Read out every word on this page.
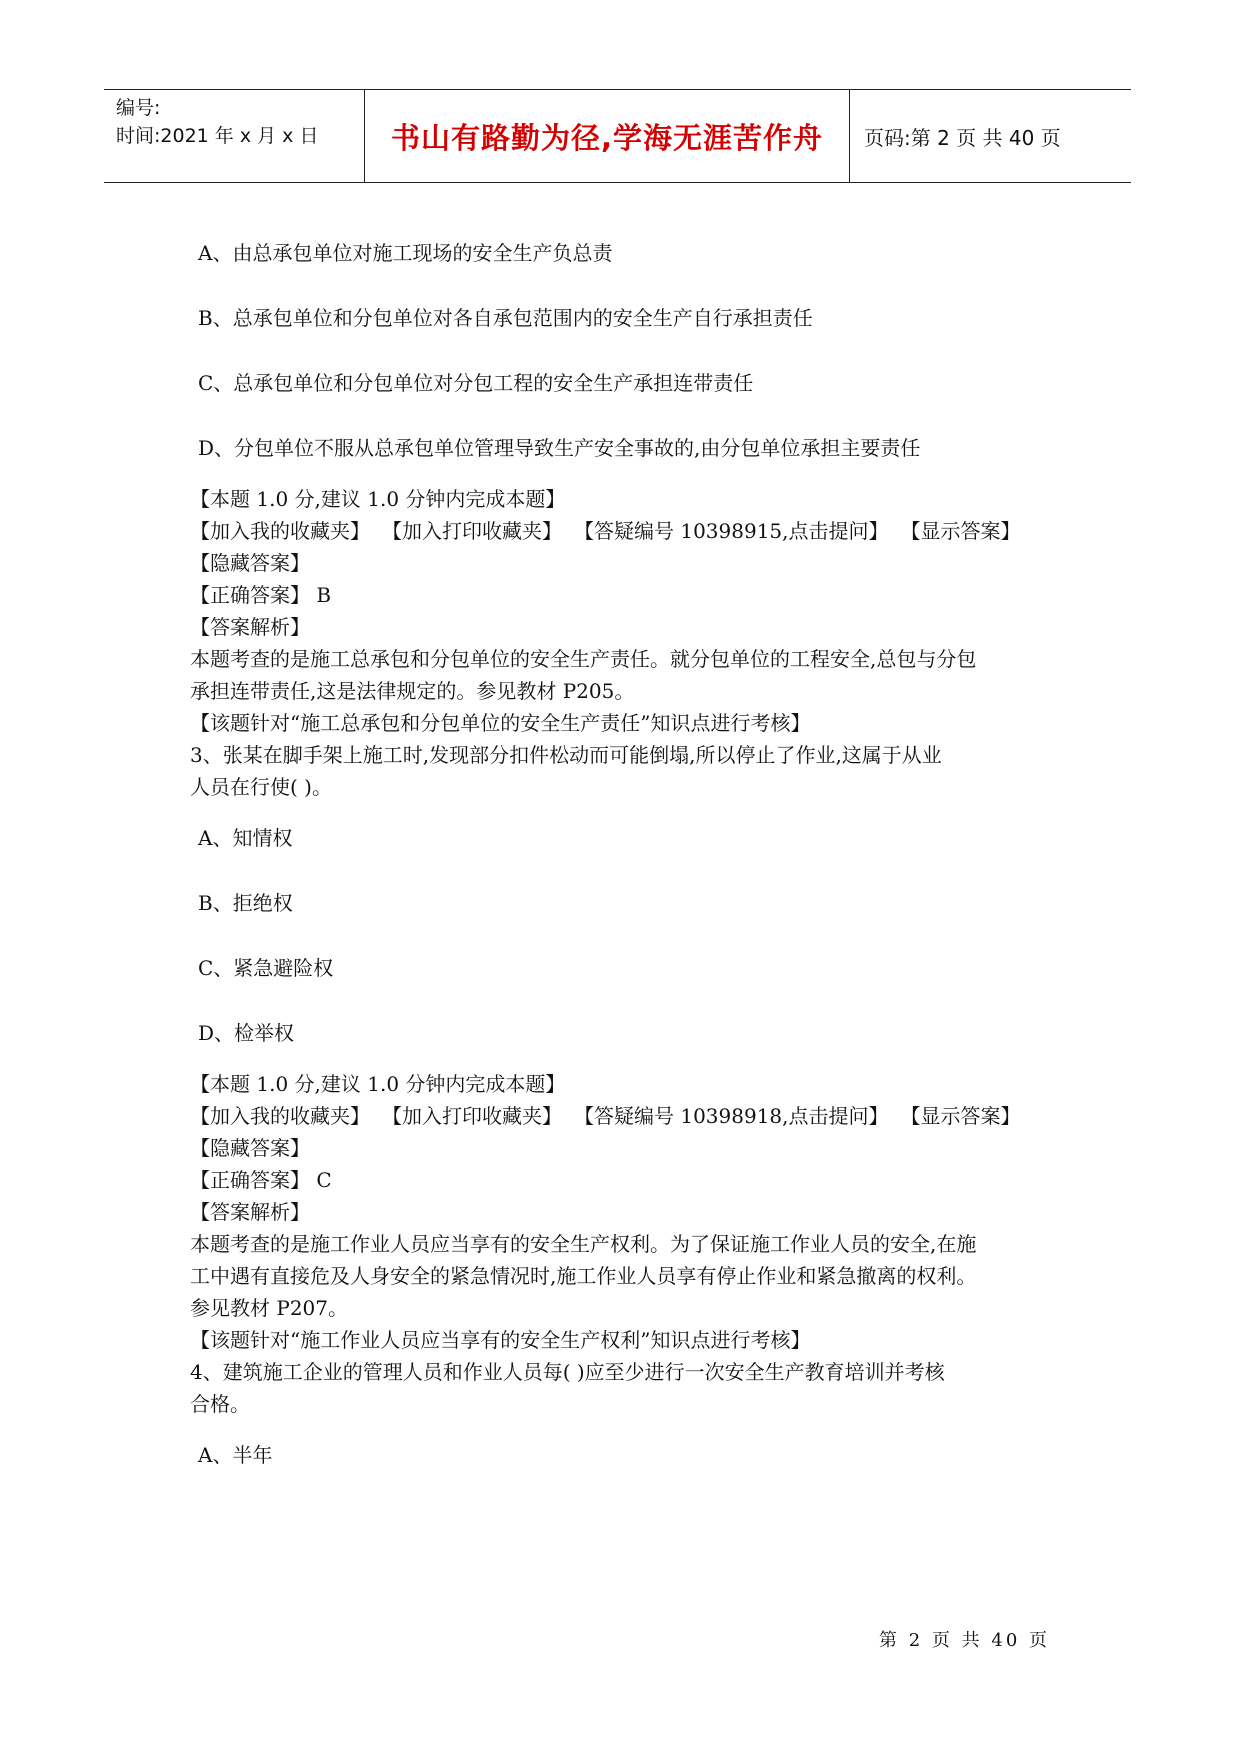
编号:
时间:2021 年 x 月 x 日	书山有路勤为径,学海无涯苦作舟	页码:第 2 页 共 40 页
A、由总承包单位对施工现场的安全生产负总责
B、总承包单位和分包单位对各自承包范围内的安全生产自行承担责任
C、总承包单位和分包单位对分包工程的安全生产承担连带责任
D、分包单位不服从总承包单位管理导致生产安全事故的,由分包单位承担主要责任
【本题 1.0 分,建议 1.0 分钟内完成本题】
【加入我的收藏夹】 【加入打印收藏夹】 【答疑编号 10398915,点击提问】 【显示答案】
【隐藏答案】
【正确答案】 B
【答案解析】
本题考查的是施工总承包和分包单位的安全生产责任。就分包单位的工程安全,总包与分包
承担连带责任,这是法律规定的。参见教材 P205。
【该题针对“施工总承包和分包单位的安全生产责任”知识点进行考核】
3、张某在脚手架上施工时,发现部分扣件松动而可能倒塌,所以停止了作业,这属于从业
人员在行使( )。
A、知情权
B、拒绝权
C、紧急避险权
D、检举权
【本题 1.0 分,建议 1.0 分钟内完成本题】
【加入我的收藏夹】 【加入打印收藏夹】 【答疑编号 10398918,点击提问】 【显示答案】
【隐藏答案】
【正确答案】 C
【答案解析】
本题考查的是施工作业人员应当享有的安全生产权利。为了保证施工作业人员的安全,在施
工中遇有直接危及人身安全的紧急情况时,施工作业人员享有停止作业和紧急撤离的权利。
参见教材 P207。
【该题针对“施工作业人员应当享有的安全生产权利”知识点进行考核】
4、建筑施工企业的管理人员和作业人员每( )应至少进行一次安全生产教育培训并考核
合格。
A、半年
第 2 页 共 40 页
